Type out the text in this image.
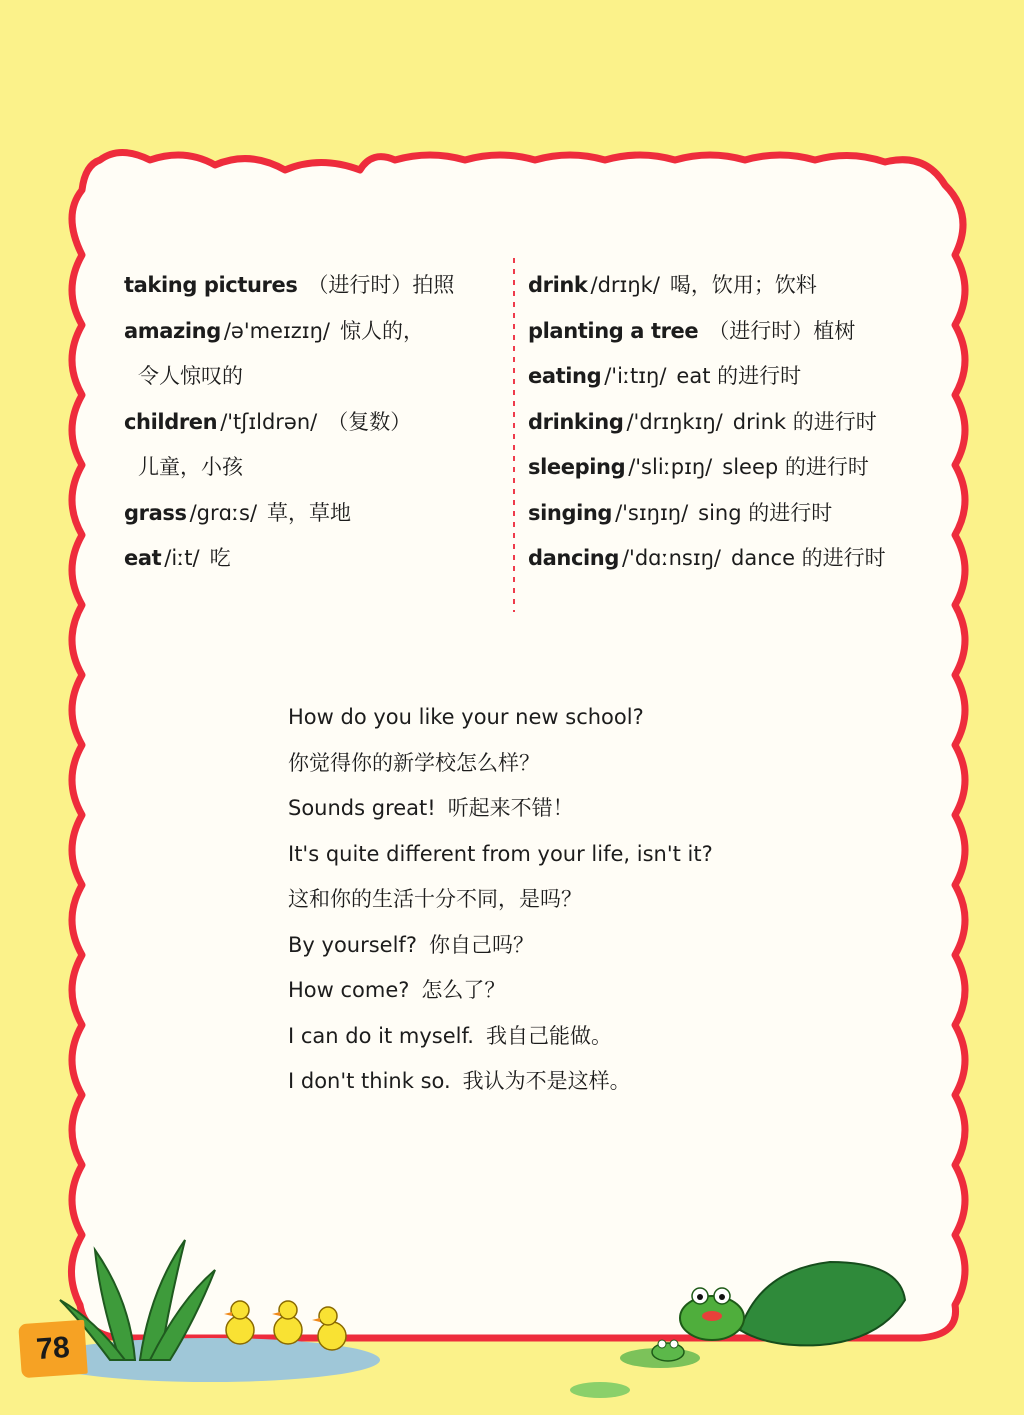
taking pictures （进行时）拍照
amazing /ə'meɪzɪŋ/ 惊人的，
令人惊叹的
children /'tʃɪldrən/ （复数）
儿童，小孩
grass /grɑːs/ 草，草地
eat /iːt/ 吃
drink /drɪŋk/ 喝，饮用；饮料
planting a tree （进行时）植树
eating /'iːtɪŋ/ eat 的进行时
drinking /'drɪŋkɪŋ/ drink 的进行时
sleeping /'sliːpɪŋ/ sleep 的进行时
singing /'sɪŋɪŋ/ sing 的进行时
dancing /'dɑːnsɪŋ/ dance 的进行时
How do you like your new school?
你觉得你的新学校怎么样？
Sounds great! 听起来不错！
It's quite different from your life, isn't it?
这和你的生活十分不同，是吗？
By yourself? 你自己吗？
How come? 怎么了？
I can do it myself. 我自己能做。
I don't think so. 我认为不是这样。
78
